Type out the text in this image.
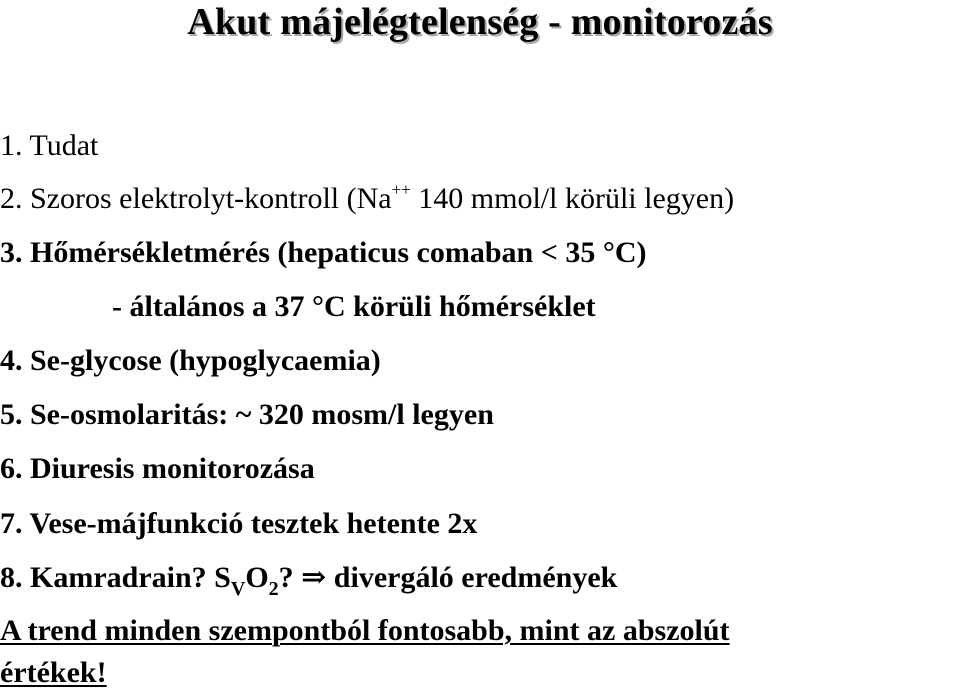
Akut májelégtelenség - monitorozás
1. Tudat
2. Szoros elektrolyt-kontroll (Na++ 140 mmol/l körüli legyen)
3. Hőmérsékletmérés (hepaticus comaban < 35 °C)
- általános a 37 °C körüli hőmérséklet
4. Se-glycose (hypoglycaemia)
5. Se-osmolaritás: ~ 320 mosm/l legyen
6. Diuresis monitorozása
7. Vese-májfunkció tesztek hetente 2x
8. Kamradrain? $S_VO_2$? ⇒ divergáló eredmények
A trend minden szempontból fontosabb, mint az abszolút
értékek!
